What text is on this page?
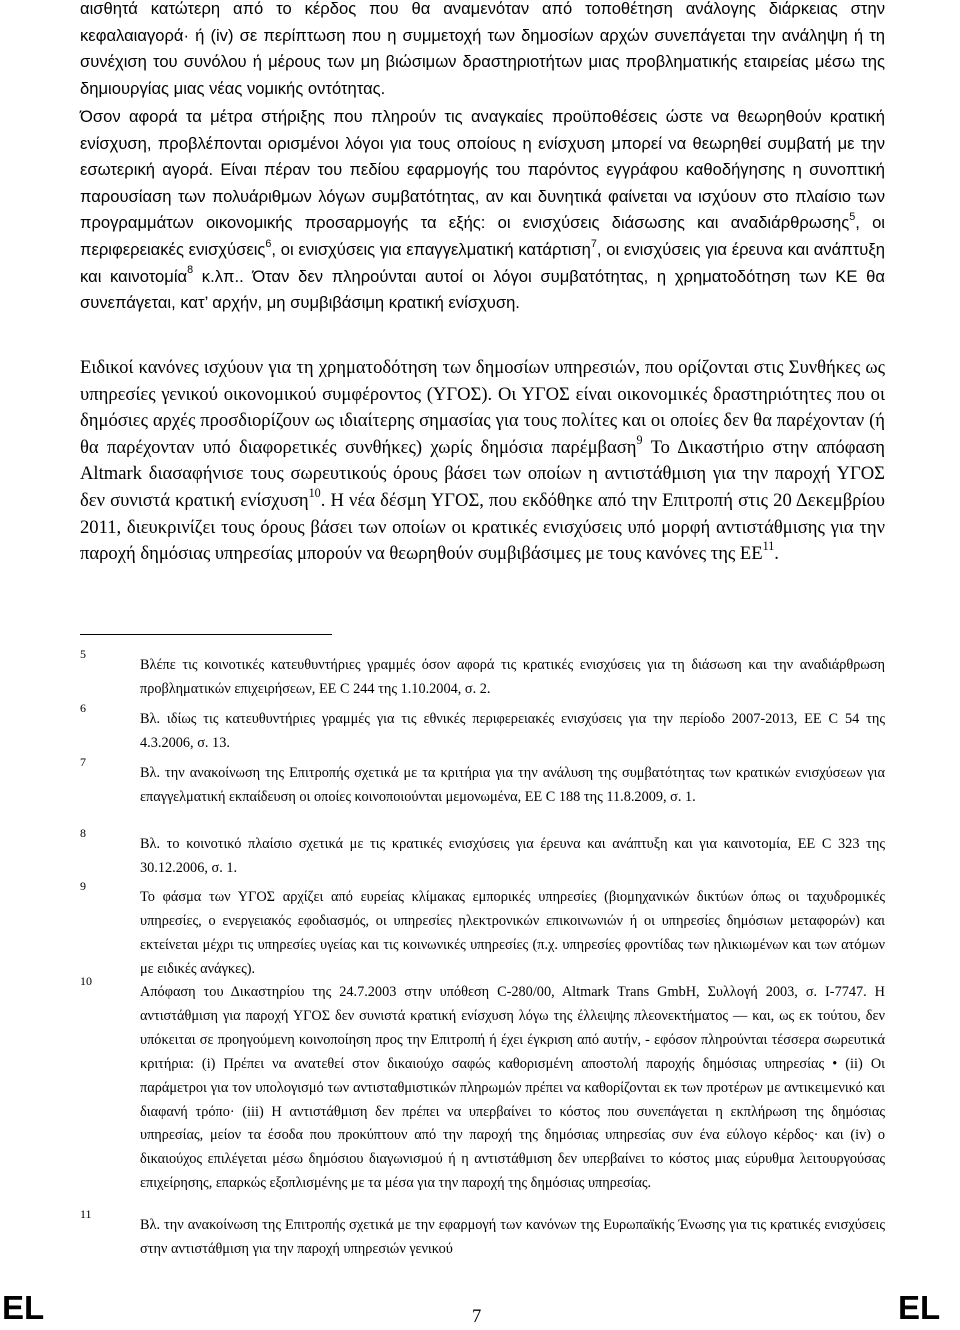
αισθητά κατώτερη από το κέρδος που θα αναμενόταν από τοποθέτηση ανάλογης διάρκειας στην κεφαλαιαγορά· ή (iv) σε περίπτωση που η συμμετοχή των δημοσίων αρχών συνεπάγεται την ανάληψη ή τη συνέχιση του συνόλου ή μέρους των μη βιώσιμων δραστηριοτήτων μιας προβληματικής εταιρείας μέσω της δημιουργίας μιας νέας νομικής οντότητας.
Όσον αφορά τα μέτρα στήριξης που πληρούν τις αναγκαίες προϋποθέσεις ώστε να θεωρηθούν κρατική ενίσχυση, προβλέπονται ορισμένοι λόγοι για τους οποίους η ενίσχυση μπορεί να θεωρηθεί συμβατή με την εσωτερική αγορά. Είναι πέραν του πεδίου εφαρμογής του παρόντος εγγράφου καθοδήγησης η συνοπτική παρουσίαση των πολυάριθμων λόγων συμβατότητας, αν και δυνητικά φαίνεται να ισχύουν στο πλαίσιο των προγραμμάτων οικονομικής προσαρμογής τα εξής: οι ενισχύσεις διάσωσης και αναδιάρθρωσης$^5$, οι περιφερειακές ενισχύσεις$^6$, οι ενισχύσεις για επαγγελματική κατάρτιση$^7$, οι ενισχύσεις για έρευνα και ανάπτυξη και καινοτομία$^8$ κ.λπ.. Όταν δεν πληρούνται αυτοί οι λόγοι συμβατότητας, η χρηματοδότηση των ΚΕ θα συνεπάγεται, κατ’ αρχήν, μη συμβιβάσιμη κρατική ενίσχυση.
Ειδικοί κανόνες ισχύουν για τη χρηματοδότηση των δημοσίων υπηρεσιών, που ορίζονται στις Συνθήκες ως υπηρεσίες γενικού οικονομικού συμφέροντος (ΥΓΟΣ). Οι ΥΓΟΣ είναι οικονομικές δραστηριότητες που οι δημόσιες αρχές προσδιορίζουν ως ιδιαίτερης σημασίας για τους πολίτες και οι οποίες δεν θα παρέχονταν (ή θα παρέχονταν υπό διαφορετικές συνθήκες) χωρίς δημόσια παρέμβαση$^9$ Το Δικαστήριο στην απόφαση Altmark διασαφήνισε τους σωρευτικούς όρους βάσει των οποίων η αντιστάθμιση για την παροχή ΥΓΟΣ δεν συνιστά κρατική ενίσχυση$^{10}$. Η νέα δέσμη ΥΓΟΣ, που εκδόθηκε από την Επιτροπή στις 20 Δεκεμβρίου 2011, διευκρινίζει τους όρους βάσει των οποίων οι κρατικές ενισχύσεις υπό μορφή αντιστάθμισης για την παροχή δημόσιας υπηρεσίας μπορούν να θεωρηθούν συμβιβάσιμες με τους κανόνες της ΕΕ$^{11}$.
5
Βλέπε τις κοινοτικές κατευθυντήριες γραμμές όσον αφορά τις κρατικές ενισχύσεις για τη διάσωση και την αναδιάρθρωση προβληματικών επιχειρήσεων, ΕΕ C 244 της 1.10.2004, σ. 2.
6
Βλ. ιδίως τις κατευθυντήριες γραμμές για τις εθνικές περιφερειακές ενισχύσεις για την περίοδο 2007-2013, ΕΕ C 54 της 4.3.2006, σ. 13.
7
Βλ. την ανακοίνωση της Επιτροπής σχετικά με τα κριτήρια για την ανάλυση της συμβατότητας των κρατικών ενισχύσεων για επαγγελματική εκπαίδευση οι οποίες κοινοποιούνται μεμονωμένα, ΕΕ C 188 της 11.8.2009, σ. 1.
8
Βλ. το κοινοτικό πλαίσιο σχετικά με τις κρατικές ενισχύσεις για έρευνα και ανάπτυξη και για καινοτομία, ΕΕ C 323 της 30.12.2006, σ. 1.
9
Το φάσμα των ΥΓΟΣ αρχίζει από ευρείας κλίμακας εμπορικές υπηρεσίες (βιομηχανικών δικτύων όπως οι ταχυδρομικές υπηρεσίες, ο ενεργειακός εφοδιασμός, οι υπηρεσίες ηλεκτρονικών επικοινωνιών ή οι υπηρεσίες δημόσιων μεταφορών) και εκτείνεται μέχρι τις υπηρεσίες υγείας και τις κοινωνικές υπηρεσίες (π.χ. υπηρεσίες φροντίδας των ηλικιωμένων και των ατόμων με ειδικές ανάγκες).
10
Απόφαση του Δικαστηρίου της 24.7.2003 στην υπόθεση C-280/00, Altmark Trans GmbH, Συλλογή 2003, σ. I-7747. Η αντιστάθμιση για παροχή ΥΓΟΣ δεν συνιστά κρατική ενίσχυση λόγω της έλλειψης πλεονεκτήματος — και, ως εκ τούτου, δεν υπόκειται σε προηγούμενη κοινοποίηση προς την Επιτροπή ή έχει έγκριση από αυτήν, - εφόσον πληρούνται τέσσερα σωρευτικά κριτήρια: (i) Πρέπει να ανατεθεί στον δικαιούχο σαφώς καθορισμένη αποστολή παροχής δημόσιας υπηρεσίας • (ii) Οι παράμετροι για τον υπολογισμό των αντισταθμιστικών πληρωμών πρέπει να καθορίζονται εκ των προτέρων με αντικειμενικό και διαφανή τρόπο· (iii) Η αντιστάθμιση δεν πρέπει να υπερβαίνει το κόστος που συνεπάγεται η εκπλήρωση της δημόσιας υπηρεσίας, μείον τα έσοδα που προκύπτουν από την παροχή της δημόσιας υπηρεσίας συν ένα εύλογο κέρδος· και (iv) ο δικαιούχος επιλέγεται μέσω δημόσιου διαγωνισμού ή η αντιστάθμιση δεν υπερβαίνει το κόστος μιας εύρυθμα λειτουργούσας επιχείρησης, επαρκώς εξοπλισμένης με τα μέσα για την παροχή της δημόσιας υπηρεσίας.
11
Βλ. την ανακοίνωση της Επιτροπής σχετικά με την εφαρμογή των κανόνων της Ευρωπαϊκής Ένωσης για τις κρατικές ενισχύσεις στην αντιστάθμιση για την παροχή υπηρεσιών γενικού
EL	7	EL
